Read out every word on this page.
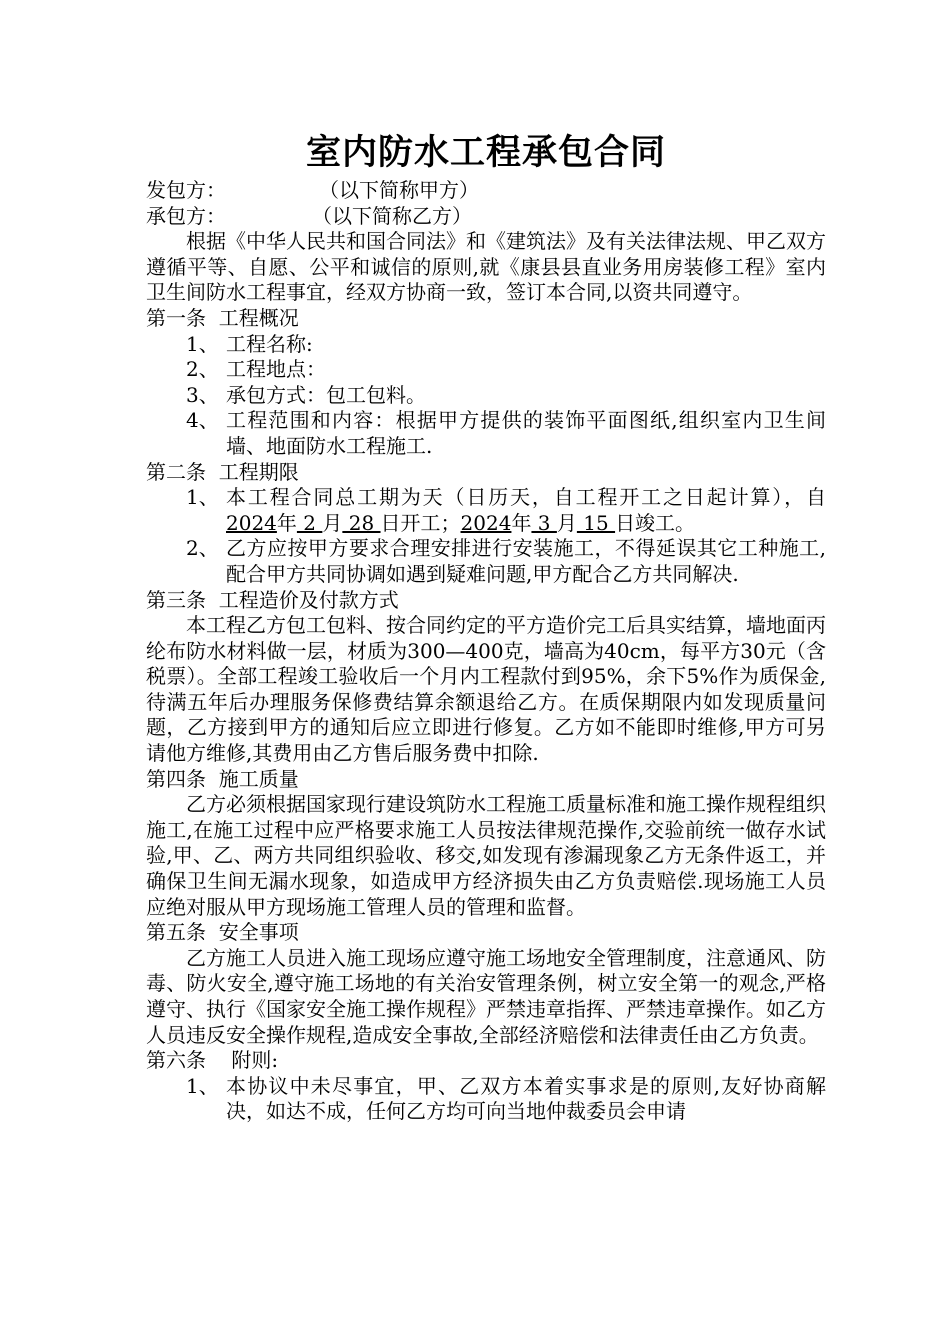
室内防水工程承包合同
发包方：	（以下简称甲方）
承包方：	（以下简称乙方）
根据《中华人民共和国合同法》和《建筑法》及有关法律法规、甲乙双方遵循平等、自愿、公平和诚信的原则,就《康县县直业务用房装修工程》室内卫生间防水工程事宜，经双方协商一致，签订本合同,以资共同遵守。
第一条  工程概况
1、 工程名称:
2、 工程地点：
3、 承包方式：包工包料。
4、 工程范围和内容：根据甲方提供的装饰平面图纸,组织室内卫生间墙、地面防水工程施工.
第二条  工程期限
1、 本工程合同总工期为天（日历天，自工程开工之日起计算），自2024年 2 月 28 日开工；2024年 3 月 15 日竣工。
2、 乙方应按甲方要求合理安排进行安装施工，不得延误其它工种施工,配合甲方共同协调如遇到疑难问题,甲方配合乙方共同解决.
第三条  工程造价及付款方式
本工程乙方包工包料、按合同约定的平方造价完工后具实结算，墙地面丙纶布防水材料做一层，材质为300—400克，墙高为40cm，每平方30元（含税票）。全部工程竣工验收后一个月内工程款付到95%，余下5%作为质保金,待满五年后办理服务保修费结算余额退给乙方。在质保期限内如发现质量问题，乙方接到甲方的通知后应立即进行修复。乙方如不能即时维修,甲方可另请他方维修,其费用由乙方售后服务费中扣除.
第四条  施工质量
乙方必须根据国家现行建设筑防水工程施工质量标准和施工操作规程组织施工,在施工过程中应严格要求施工人员按法律规范操作,交验前统一做存水试验,甲、乙、两方共同组织验收、移交,如发现有渗漏现象乙方无条件返工，并确保卫生间无漏水现象，如造成甲方经济损失由乙方负责赔偿.现场施工人员应绝对服从甲方现场施工管理人员的管理和监督。
第五条  安全事项
乙方施工人员进入施工现场应遵守施工场地安全管理制度，注意通风、防毒、防火安全,遵守施工场地的有关治安管理条例，树立安全第一的观念,严格遵守、执行《国家安全施工操作规程》严禁违章指挥、严禁违章操作。如乙方人员违反安全操作规程,造成安全事故,全部经济赔偿和法律责任由乙方负责。
第六条    附则:
1、 本协议中未尽事宜，甲、乙双方本着实事求是的原则,友好协商解决，如达不成，任何乙方均可向当地仲裁委员会申请
